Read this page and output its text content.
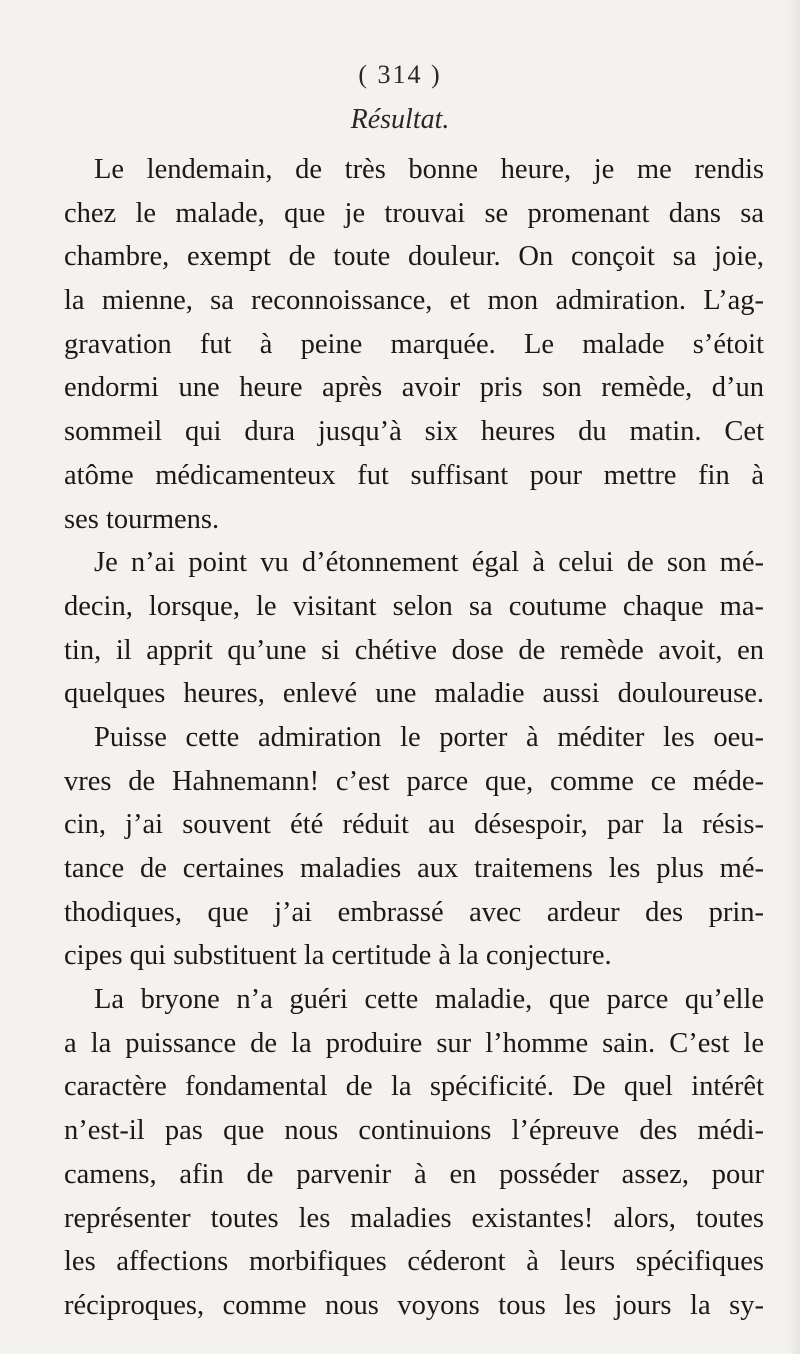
( 314 )
Résultat.
Le lendemain, de très bonne heure, je me rendis
chez le malade, que je trouvai se promenant dans sa
chambre, exempt de toute douleur. On conçoit sa joie,
la mienne, sa reconnoissance, et mon admiration. L’ag-
gravation fut à peine marquée. Le malade s’étoit
endormi une heure après avoir pris son remède, d’un
sommeil qui dura jusqu’à six heures du matin. Cet
atôme médicamenteux fut suffisant pour mettre fin à
ses tourmens.
Je n’ai point vu d’étonnement égal à celui de son mé-
decin, lorsque, le visitant selon sa coutume chaque ma-
tin, il apprit qu’une si chétive dose de remède avoit, en
quelques heures, enlevé une maladie aussi douloureuse.
Puisse cette admiration le porter à méditer les oeu-
vres de Hahnemann! c’est parce que, comme ce méde-
cin, j’ai souvent été réduit au désespoir, par la résis-
tance de certaines maladies aux traitemens les plus mé-
thodiques, que j’ai embrassé avec ardeur des prin-
cipes qui substituent la certitude à la conjecture.
La bryone n’a guéri cette maladie, que parce qu’elle
a la puissance de la produire sur l’homme sain. C’est le
caractère fondamental de la spécificité. De quel intérêt
n’est-il pas que nous continuions l’épreuve des médi-
camens, afin de parvenir à en posséder assez, pour
représenter toutes les maladies existantes! alors, toutes
les affections morbifiques céderont à leurs spécifiques
réciproques, comme nous voyons tous les jours la sy-
